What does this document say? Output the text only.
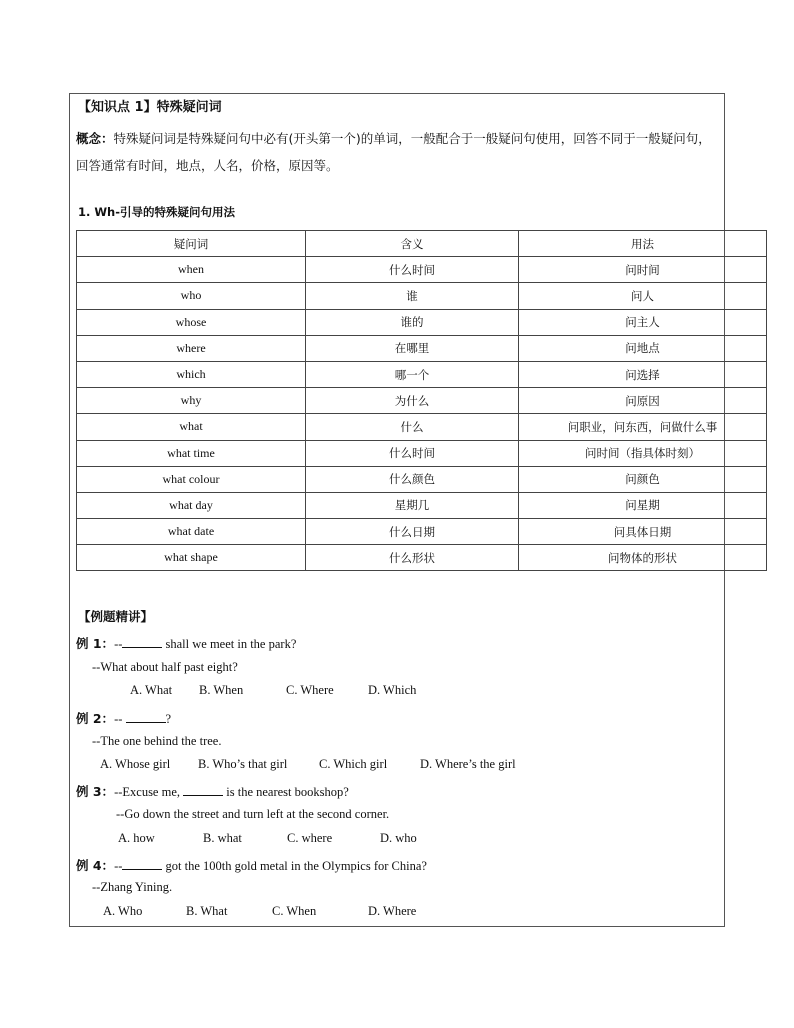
【知识点 1】特殊疑问词
概念：特殊疑问词是特殊疑问句中必有(开头第一个)的单词，一般配合于一般疑问句使用，回答不同于一般疑问句，回答通常有时间，地点，人名，价格，原因等。
1. Wh-引导的特殊疑问句用法
疑问词	含义	用法
when	什么时间	问时间
who	谁	问人
whose	谁的	问主人
where	在哪里	问地点
which	哪一个	问选择
why	为什么	问原因
what	什么	问职业，问东西，问做什么事
what time	什么时间	问时间（指具体时刻）
what colour	什么颜色	问颜色
what day	星期几	问星期
what date	什么日期	问具体日期
what shape	什么形状	问物体的形状
【例题精讲】
例 1：--	shall we meet in the park?
--What about half past eight?
A. What B. When	C. Where	D. Which
例 2：--	?
--The one behind the tree.
A. Whose girl B. Who’s that girl	C. Which girl	D. Where’s the girl
例 3：--Excuse me,	is the nearest bookshop?
--Go down the street and turn left at the second corner.
A. how	B. what	C. where	D. who
例 4：--	got the 100th gold metal in the Olympics for China?
--Zhang Yining.
A. Who	B. What	C. When	D. Where
